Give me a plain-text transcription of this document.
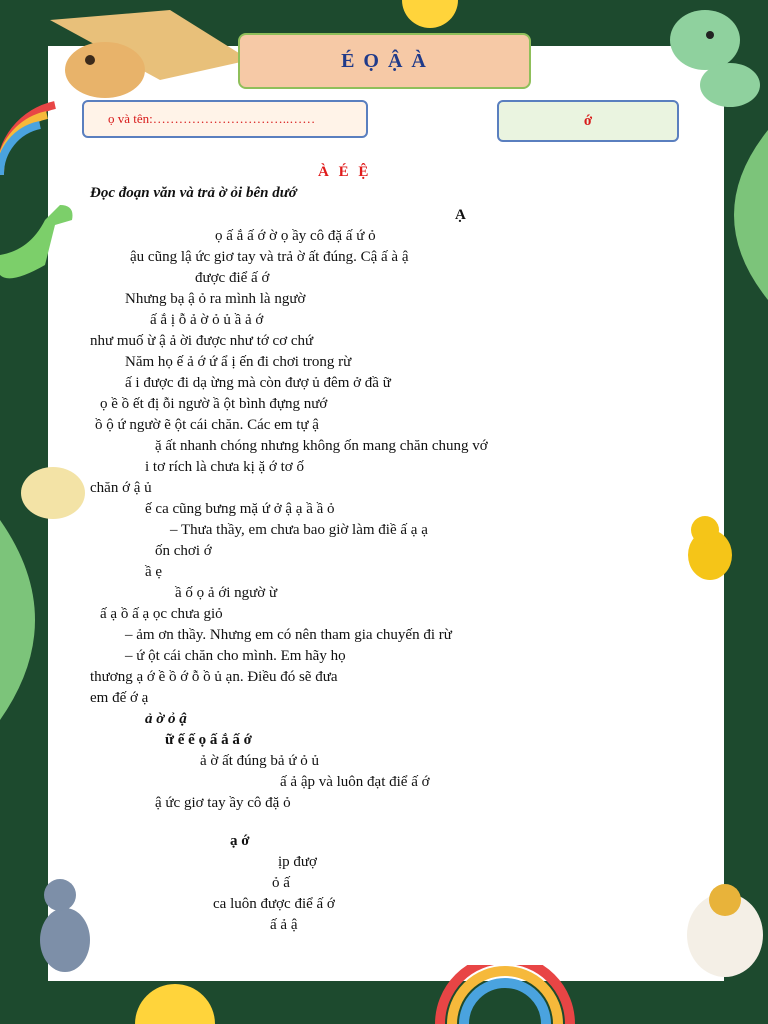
É Ọ Ậ À
ọ và tên:…………………………..……	ớ
À É Ệ
Đọc đoạn văn và trả ờ ỏi bên dướ
Ạ
ọ ấ ắ ấ ớ ờ ọ ầy cô đặ ấ ứ ỏ
ậu cũng lậ ức giơ tay và trả ờ ất đúng. Cậ ấ à ậ
được điể ấ ớ
Nhưng bạ ậ ỏ ra mình là ngườ
ấ ắ ị ỗ ả ờ ỏ ủ ầ ả ớ
như muố ừ ậ ả ời được như tớ cơ chứ
Năm họ ế ả ớ ứ ẩ ị ến đi chơi trong rừ
ấ i được đi dạ ừng mà còn đượ ủ đêm ở đầ ữ
ọ ề ồ ết đị ỗi ngườ ầ ột bình đựng nướ
ồ ộ ứ ngườ ẽ ột cái chăn. Các em tự ậ
ặ ất nhanh chóng nhưng không ốn mang chăn chung vớ
i tơ rích là chưa kị ặ ớ tơ ố
chăn ớ ậ ủ
ế ca cũng bưng mặ ứ ở ậ ạ ầ ầ ỏ
– Thưa thầy, em chưa bao giờ làm điề ấ ạ ạ
ốn chơi ớ
ầ ẹ
ầ ố ọ ả ới ngườ ừ
ấ ạ ồ ấ ạ ọc chưa giỏ
– ảm ơn thầy. Nhưng em có nên tham gia chuyến đi rừ
– ứ ột cái chăn cho mình. Em hãy họ
thương ạ ớ ề ồ ớ ỗ ồ ủ ạn. Điều đó sẽ đưa
em đế ớ ạ
ả ờ ỏ ậ
ữ ế ế ọ ấ ắ ấ ớ
ả ờ ất đúng bả ứ ỏ ủ
ấ ả ập và luôn đạt điể ấ ớ
ậ ức giơ tay ầy cô đặ ỏ
ạ ớ
ịp đượ
ỏ ấ
ca luôn được điể ấ ớ
ấ ả ậ
